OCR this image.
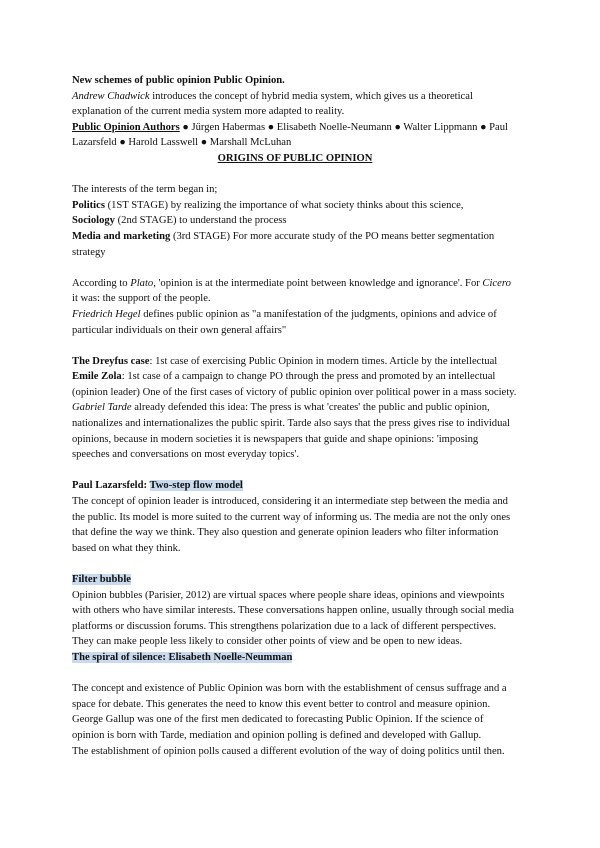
New schemes of public opinion Public Opinion.

Andrew Chadwick introduces the concept of hybrid media system, which gives us a theoretical explanation of the current media system more adapted to reality.

Public Opinion Authors ● Jürgen Habermas ● Elisabeth Noelle-Neumann ● Walter Lippmann ● Paul Lazarsfeld ● Harold Lasswell ● Marshall McLuhan

ORIGINS OF PUBLIC OPINION

The interests of the term began in;

Politics (1ST STAGE) by realizing the importance of what society thinks about this science,

Sociology (2nd STAGE) to understand the process

Media and marketing (3rd STAGE) For more accurate study of the PO means better segmentation strategy

According to Plato, 'opinion is at the intermediate point between knowledge and ignorance'. For Cicero it was: the support of the people.

Friedrich Hegel defines public opinion as "a manifestation of the judgments, opinions and advice of particular individuals on their own general affairs"

The Dreyfus case: 1st case of exercising Public Opinion in modern times. Article by the intellectual

Emile Zola: 1st case of a campaign to change PO through the press and promoted by an intellectual (opinion leader) One of the first cases of victory of public opinion over political power in a mass society.

Gabriel Tarde already defended this idea: The press is what 'creates' the public and public opinion, nationalizes and internationalizes the public spirit. Tarde also says that the press gives rise to individual opinions, because in modern societies it is newspapers that guide and shape opinions: 'imposing speeches and conversations on most everyday topics'.

Paul Lazarsfeld: Two-step flow model

The concept of opinion leader is introduced, considering it an intermediate step between the media and the public. Its model is more suited to the current way of informing us. The media are not the only ones that define the way we think. They also question and generate opinion leaders who filter information based on what they think.

Filter bubble

Opinion bubbles (Parisier, 2012) are virtual spaces where people share ideas, opinions and viewpoints with others who have similar interests. These conversations happen online, usually through social media platforms or discussion forums. This strengthens polarization due to a lack of different perspectives. They can make people less likely to consider other points of view and be open to new ideas.

The spiral of silence: Elisabeth Noelle-Neumman

The concept and existence of Public Opinion was born with the establishment of census suffrage and a space for debate. This generates the need to know this event better to control and measure opinion. George Gallup was one of the first men dedicated to forecasting Public Opinion. If the science of opinion is born with Tarde, mediation and opinion polling is defined and developed with Gallup.

The establishment of opinion polls caused a different evolution of the way of doing politics until then.
